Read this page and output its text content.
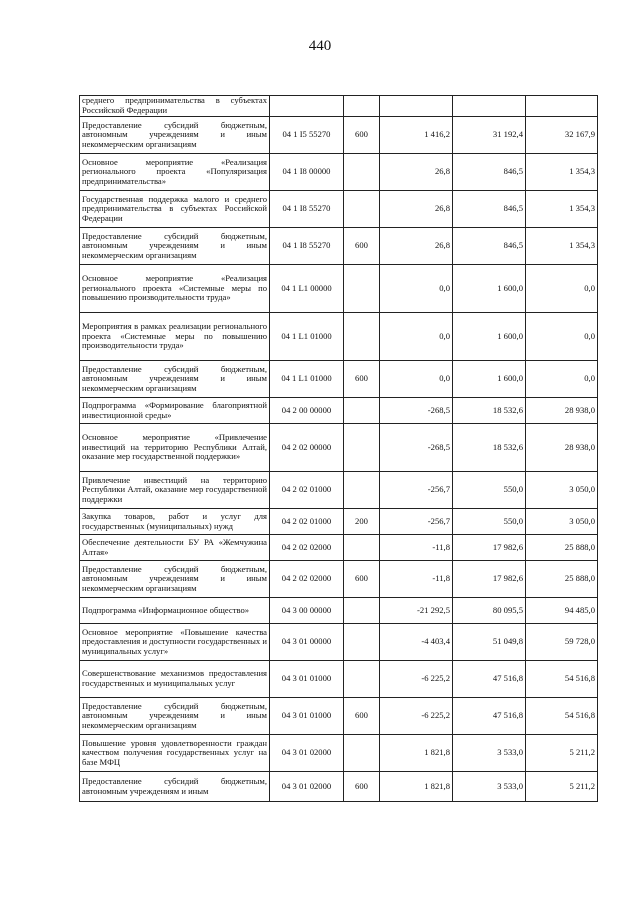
440
среднего предпринимательства в субъектах Российской Федерации					
Предоставление субсидий бюджетным, автономным учреждениям и иным некоммерческим организациям	04 1 I5 55270	600	1 416,2	31 192,4	32 167,9
Основное мероприятие «Реализация регионального проекта «Популяризация предпринимательства»	04 1 I8 00000		26,8	846,5	1 354,3
Государственная поддержка малого и среднего предпринимательства в субъектах Российской Федерации	04 1 I8 55270		26,8	846,5	1 354,3
Предоставление субсидий бюджетным, автономным учреждениям и иным некоммерческим организациям	04 1 I8 55270	600	26,8	846,5	1 354,3
Основное мероприятие «Реализация регионального проекта «Системные меры по повышению производительности труда»	04 1 L1 00000		0,0	1 600,0	0,0
Мероприятия в рамках реализации регионального проекта «Системные меры по повышению производительности труда»	04 1 L1 01000		0,0	1 600,0	0,0
Предоставление субсидий бюджетным, автономным учреждениям и иным некоммерческим организациям	04 1 L1 01000	600	0,0	1 600,0	0,0
Подпрограмма «Формирование благоприятной инвестиционной среды»	04 2 00 00000		-268,5	18 532,6	28 938,0
Основное мероприятие «Привлечение инвестиций на территорию Республики Алтай, оказание мер государственной поддержки»	04 2 02 00000		-268,5	18 532,6	28 938,0
Привлечение инвестиций на территорию Республики Алтай, оказание мер государственной поддержки	04 2 02 01000		-256,7	550,0	3 050,0
Закупка товаров, работ и услуг для государственных (муниципальных) нужд	04 2 02 01000	200	-256,7	550,0	3 050,0
Обеспечение деятельности БУ РА «Жемчужина Алтая»	04 2 02 02000		-11,8	17 982,6	25 888,0
Предоставление субсидий бюджетным, автономным учреждениям и иным некоммерческим организациям	04 2 02 02000	600	-11,8	17 982,6	25 888,0
Подпрограмма «Информационное общество»	04 3 00 00000		-21 292,5	80 095,5	94 485,0
Основное мероприятие «Повышение качества предоставления и доступности государственных и муниципальных услуг»	04 3 01 00000		-4 403,4	51 049,8	59 728,0
Совершенствование механизмов предоставления государственных и муниципальных услуг	04 3 01 01000		-6 225,2	47 516,8	54 516,8
Предоставление субсидий бюджетным, автономным учреждениям и иным некоммерческим организациям	04 3 01 01000	600	-6 225,2	47 516,8	54 516,8
Повышение уровня удовлетворенности граждан качеством получения государственных услуг на базе МФЦ	04 3 01 02000		1 821,8	3 533,0	5 211,2
Предоставление субсидий бюджетным, автономным учреждениям и иным	04 3 01 02000	600	1 821,8	3 533,0	5 211,2
